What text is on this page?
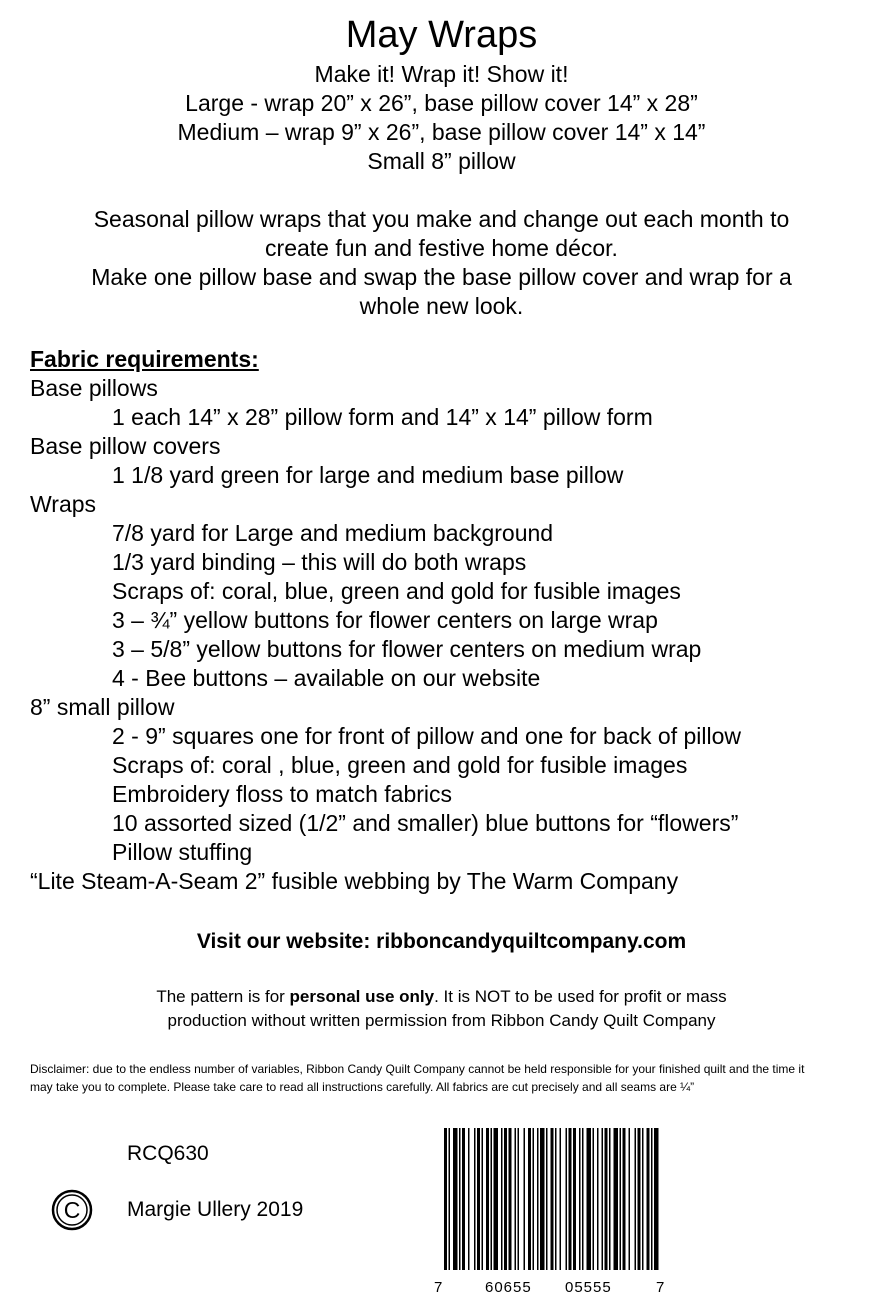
May Wraps
Make it! Wrap it! Show it!
Large - wrap 20” x 26”, base pillow cover 14” x 28”
Medium – wrap 9” x 26”, base pillow cover 14” x 14”
Small 8” pillow
Seasonal pillow wraps that you make and change out each month to
create fun and festive home décor.
Make one pillow base and swap the base pillow cover and wrap for a
whole new look.
Fabric requirements:
Base pillows
1 each 14” x 28” pillow form and 14” x 14” pillow form
Base pillow covers
1 1/8 yard green for large and medium base pillow
Wraps
7/8 yard for Large and medium background
1/3 yard binding – this will do both wraps
Scraps of: coral, blue, green and gold for fusible images
3 – ¾” yellow buttons for flower centers on large wrap
3 – 5/8” yellow buttons for flower centers on medium wrap
4 - Bee buttons – available on our website
8” small pillow
2 - 9” squares one for front of pillow and one for back of pillow
Scraps of: coral , blue, green and gold for fusible images
Embroidery floss to match fabrics
10 assorted sized (1/2” and smaller) blue buttons for “flowers”
Pillow stuffing
“Lite Steam-A-Seam 2” fusible webbing by The Warm Company
Visit our website: ribboncandyquiltcompany.com
The pattern is for personal use only. It is NOT to be used for profit or mass
production without written permission from Ribbon Candy Quilt Company
Disclaimer: due to the endless number of variables, Ribbon Candy Quilt Company cannot be held responsible for your finished quilt and the time it may take you to complete. Please take care to read all instructions carefully. All fabrics are cut precisely and all seams are ¼”
RCQ630
C Margie Ullery 2019
7	60655 05555	7
